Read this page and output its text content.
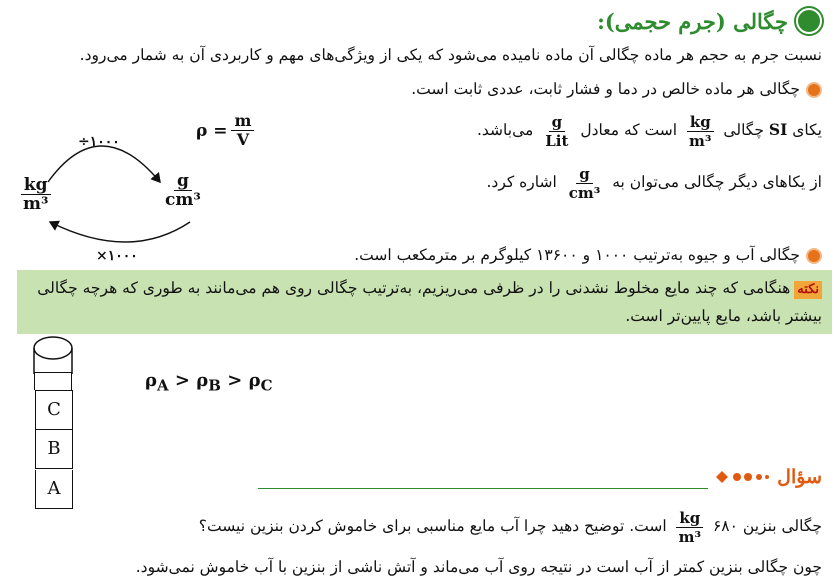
چگالی (جرم حجمی):
نسبت جرم به حجم هر ماده چگالی آن ماده نامیده می‌شود که یکی از ویژگی‌های مهم و کاربردی آن به شمار می‌رود.
چگالی هر ماده خالص در دما و فشار ثابت، عددی ثابت است.
یکای SI چگالی
$\frac{kg}{\text{m³}}$
است که معادل
$\frac{g}{\text{Lit}}$
می‌باشد.
از یکاهای دیگر چگالی می‌توان به
$\frac{g}{\text{cm³}}$
اشاره کرد.
$\rho = \frac{m}{V}$
÷۱۰۰۰
×۱۰۰۰
$\frac{kg}{\text{m³}}$	$\frac{g}{\text{cm³}}$
چگالی آب و جیوه به‌ترتیب ۱۰۰۰ و ۱۳۶۰۰ کیلوگرم بر مترمکعب است.
نکتههنگامی که چند مایع مخلوط نشدنی را در ظرفی می‌ریزیم، به‌ترتیب چگالی روی هم می‌مانند به طوری که هرچه چگالی بیشتر باشد، مایع پایین‌تر است.
C
B
A
$\rho_A > \rho_B > \rho_C$
سؤال
چگالی بنزین ۶۸۰
$\frac{kg}{\text{m³}}$
است. توضیح دهید چرا آب مایع مناسبی برای خاموش کردن بنزین نیست؟
چون چگالی بنزین کمتر از آب است در نتیجه روی آب می‌ماند و آتش ناشی از بنزین با آب خاموش نمی‌شود.
